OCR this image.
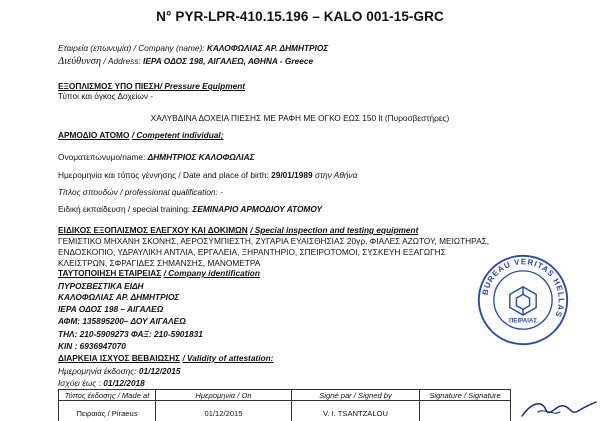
N° PYR-LPR-410.15.196 – KALO 001-15-GRC
Εταιρεία (επωνυμία) / Company (name): ΚΑΛΟΦΩΛΙΑΣ ΑΡ. ΔΗΜΗΤΡΙΟΣ
Διεύθυνση / Address: ΙΕΡΑ ΟΔΟΣ 198, ΑΙΓΑΛΕΩ, ΑΘΗΝΑ - Greece
ΕΞΟΠΛΙΣΜΟΣ ΥΠΟ ΠΙΕΣΗ/ Pressure Equipment
Τύποι και όγκος Δοχείων -
ΧΑΛΥΒΔΙΝΑ ΔΟΧΕΙΑ ΠΙΕΣΗΣ ΜΕ ΡΑΦΗ ΜΕ ΟΓΚΟ ΕΩΣ 150 lt (Πυροσβεστήρες)
ΑΡΜΟΔΙΟ ΑΤΟΜΟ / Competent individual;
Ονοματεπώνυμο/name: ΔΗΜΗΤΡΙΟΣ ΚΑΛΟΦΩΛΙΑΣ
Ημερομηνία και τόπος γέννησης / Date and place of birth: 29/01/1989 στην Αθήνα
Τίτλος σπουδών / professional qualification: -
Ειδική εκπαίδευση / special training: ΣΕΜΙΝΑΡΙΟ ΑΡΜΟΔΙΟΥ ΑΤΟΜΟΥ
ΕΙΔΙΚΟΣ ΕΞΟΠΛΙΣΜΟΣ ΕΛΕΓΧΟΥ ΚΑΙ ΔΟΚΙΜΩΝ / Special inspection and testing equipment
ΓΕΜΙΣΤΙΚΟ ΜΗΧΑΝΗ ΣΚΟΝΗΣ, ΑΕΡΟΣΥΜΠΙΕΣΤΗ, ΖΥΓΑΡΙΑ ΕΥΑΙΣΘΗΣΙΑΣ 20γρ, ΦΙΑΛΕΣ ΑΖΩΤΟΥ, ΜΕΙΩΤΗΡΑΣ,
ΕΝΔΟΣΚΟΠΙΟ, ΥΔΡΑΥΛΙΚΗ ΑΝΤΛΙΑ, ΕΡΓΑΛΕΙΑ, ΞΗΡΑΝΤΗΡΙΟ, ΣΠΕΙΡΟΤΟΜΟΙ, ΣΥΣΚΕΥΗ ΕΞΑΓΩΓΗΣ
ΚΛΕΙΣΤΡΩΝ, ΣΦΡΑΓΙΔΕΣ ΣΗΜΑΝΣΗΣ, ΜΑΝΟΜΕΤΡΑ
ΤΑΥΤΟΠΟΙΗΣΗ ΕΤΑΙΡΕΙΑΣ / Company identification
ΠΥΡΟΣΒΕΣΤΙΚΑ ΕΙΔΗ
ΚΑΛΟΦΩΛΙΑΣ ΑΡ. ΔΗΜΗΤΡΙΟΣ
ΙΕΡΑ ΟΔΟΣ 198 – ΑΙΓΑΛΕΩ
ΑΦΜ: 135895200– ΔΟΥ ΑΙΓΑΛΕΩ
ΤΗΛ: 210-5909273 ΦΑΞ: 210-5901831
ΚΙΝ : 6936947070
ΔΙΑΡΚΕΙΑ ΙΣΧΥΟΣ ΒΕΒΑΙΩΣΗΣ / Validity of attestation:
Ημερομηνία έκδοσης: 01/12/2015
Ισχύει έως : 01/12/2018
Τόπος έκδοσης / Made at
Πειραιάς / Piraeus
Ημερομηνία / On
01/12/2015
Signé par / Signed by
V. I. TSANTZALOU
Signature / Signature
BUREAU VERITAS HELLAS
ΠΕΙΡΑΙΑΣ
